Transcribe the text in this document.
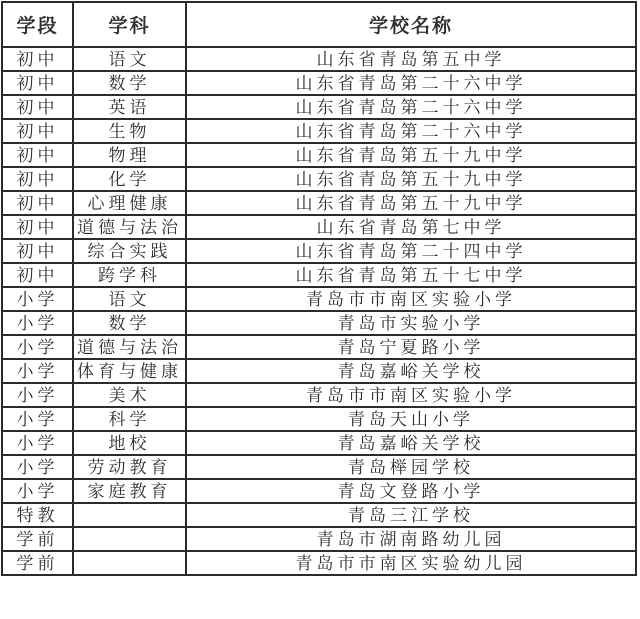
学段	学科	学校名称
初中	语文	山东省青岛第五中学
初中	数学	山东省青岛第二十六中学
初中	英语	山东省青岛第二十六中学
初中	生物	山东省青岛第二十六中学
初中	物理	山东省青岛第五十九中学
初中	化学	山东省青岛第五十九中学
初中	心理健康	山东省青岛第五十九中学
初中	道德与法治	山东省青岛第七中学
初中	综合实践	山东省青岛第二十四中学
初中	跨学科	山东省青岛第五十七中学
小学	语文	青岛市市南区实验小学
小学	数学	青岛市实验小学
小学	道德与法治	青岛宁夏路小学
小学	体育与健康	青岛嘉峪关学校
小学	美术	青岛市市南区实验小学
小学	科学	青岛天山小学
小学	地校	青岛嘉峪关学校
小学	劳动教育	青岛榉园学校
小学	家庭教育	青岛文登路小学
特教		青岛三江学校
学前		青岛市湖南路幼儿园
学前		青岛市市南区实验幼儿园
